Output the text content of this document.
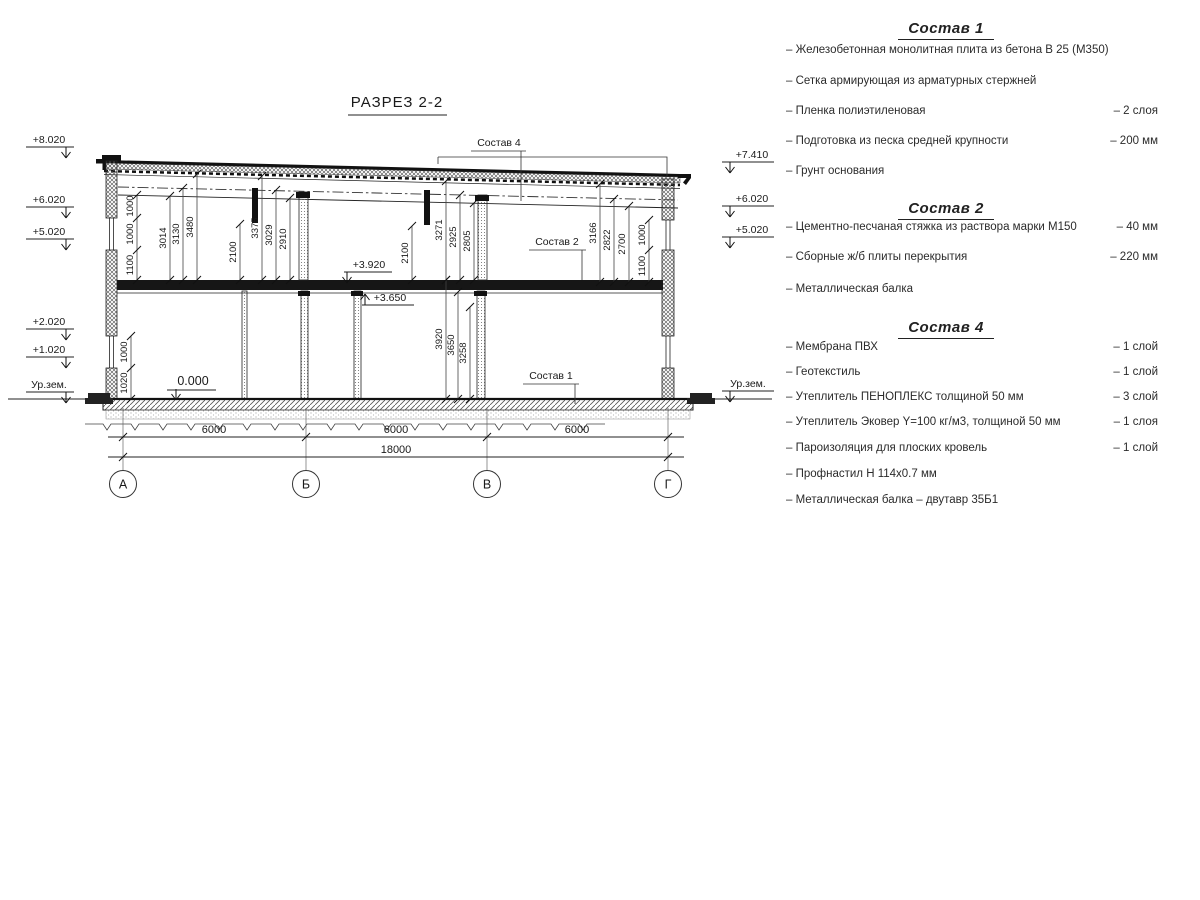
РАЗРЕЗ 2-2
1000
1000
1100
3014 3130 3480
2100
3375 3029 2910
2100
3271 2925 2805	3166 2822 2700 1000
1100
1000
1020
3920 3650 3258
+8.020
+6.020
+5.020
+2.020
+1.020
Ур.зем.
+7.410
+6.020
+5.020
Ур.зем.
+3.920
+3.650
0.000
Состав 4
Состав 2
Состав 1
6000	6000	6000
18000
А	Б	В	Г
Состав 1
– Железобетонная монолитная плита из бетона В 25 (М350)
– Сетка армирующая из арматурных стержней
– Пленка полиэтиленовая	– 2 слоя
– Подготовка из песка средней крупности	– 200 мм
– Грунт основания
Состав 2
– Цементно-песчаная стяжка из раствора марки М150	– 40 мм
– Сборные ж/б плиты перекрытия	– 220 мм
– Металлическая балка
Состав 4
– Мембрана ПВХ	– 1 слой
– Геотекстиль	– 1 слой
– Утеплитель ПЕНОПЛЕКС толщиной 50 мм	– 3 слой
– Утеплитель Эковер Y=100 кг/м3, толщиной 50 мм	– 1 слоя
– Пароизоляция для плоских кровель	– 1 слой
– Профнастил Н 114х0.7 мм
– Металлическая балка – двутавр 35Б1
